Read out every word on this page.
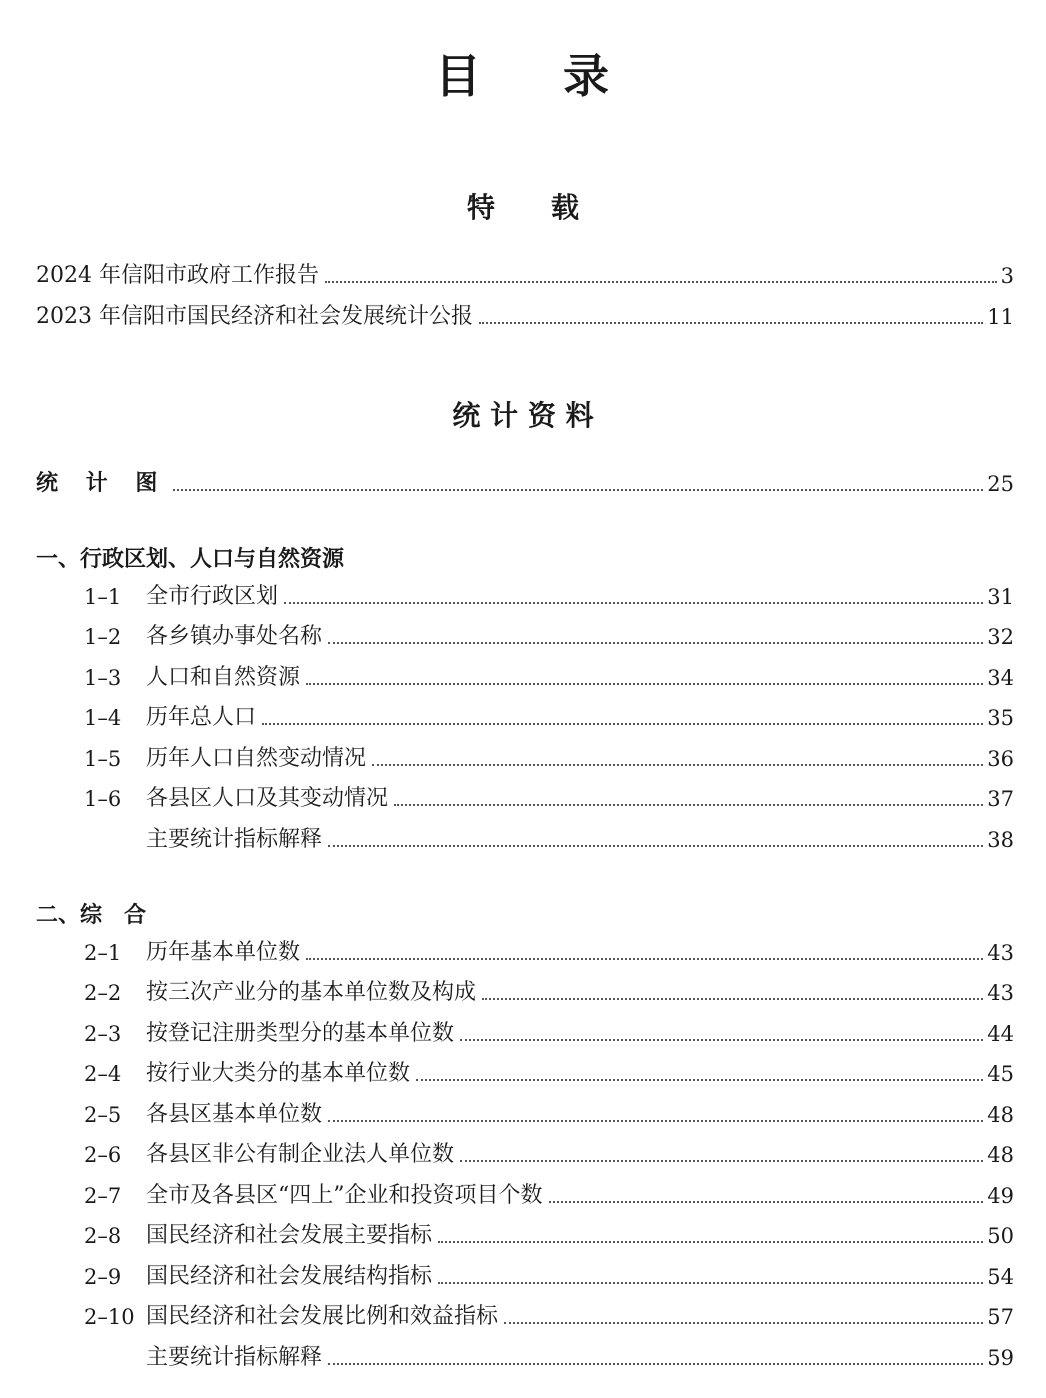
目 录
特　　载
2024 年信阳市政府工作报告	3
2023 年信阳市国民经济和社会发展统计公报	11
统 计 资 料
统 计 图	25
一、行政区划、人口与自然资源
1–1	全市行政区划	31
1–2	各乡镇办事处名称	32
1–3	人口和自然资源	34
1–4	历年总人口	35
1–5	历年人口自然变动情况	36
1–6	各县区人口及其变动情况	37
主要统计指标解释	38
二、综　合
2–1	历年基本单位数	43
2–2	按三次产业分的基本单位数及构成	43
2–3	按登记注册类型分的基本单位数	44
2–4	按行业大类分的基本单位数	45
2–5	各县区基本单位数	48
2–6	各县区非公有制企业法人单位数	48
2–7	全市及各县区“四上”企业和投资项目个数	49
2–8	国民经济和社会发展主要指标	50
2–9	国民经济和社会发展结构指标	54
2–10 国民经济和社会发展比例和效益指标	57
主要统计指标解释	59
